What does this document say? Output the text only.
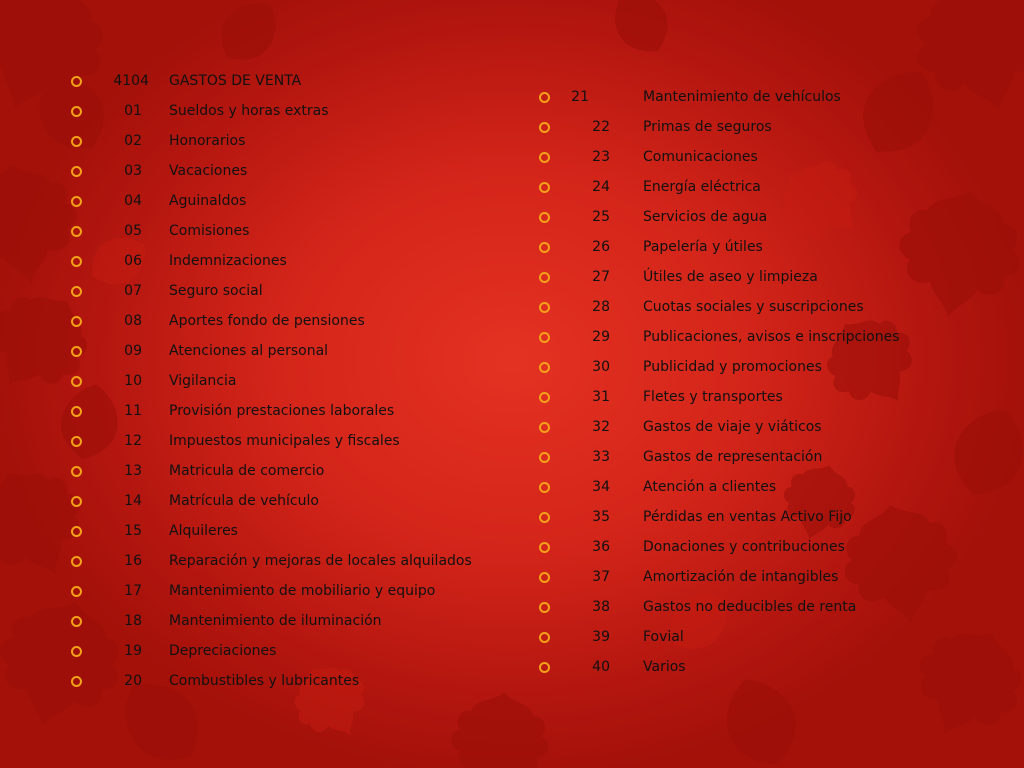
4104 GASTOS DE VENTA
01 Sueldos y horas extras
02 Honorarios
03 Vacaciones
04 Aguinaldos
05 Comisiones
06 Indemnizaciones
07 Seguro social
08 Aportes fondo de pensiones
09 Atenciones al personal
10 Vigilancia
11 Provisión prestaciones laborales
12 Impuestos municipales y fiscales
13 Matricula de comercio
14 Matrícula de vehículo
15 Alquileres
16 Reparación y mejoras de locales alquilados
17 Mantenimiento de mobiliario y equipo
18 Mantenimiento de iluminación
19 Depreciaciones
20 Combustibles y lubricantes
21	Mantenimiento de vehículos
22 Primas de seguros
23 Comunicaciones
24 Energía eléctrica
25 Servicios de agua
26 Papelería y útiles
27 Útiles de aseo y limpieza
28 Cuotas sociales y suscripciones
29 Publicaciones, avisos e inscripciones
30 Publicidad y promociones
31 Fletes y transportes
32 Gastos de viaje y viáticos
33 Gastos de representación
34 Atención a clientes
35 Pérdidas en ventas Activo Fijo
36 Donaciones y contribuciones
37 Amortización de intangibles
38 Gastos no deducibles de renta
39 Fovial
40 Varios
